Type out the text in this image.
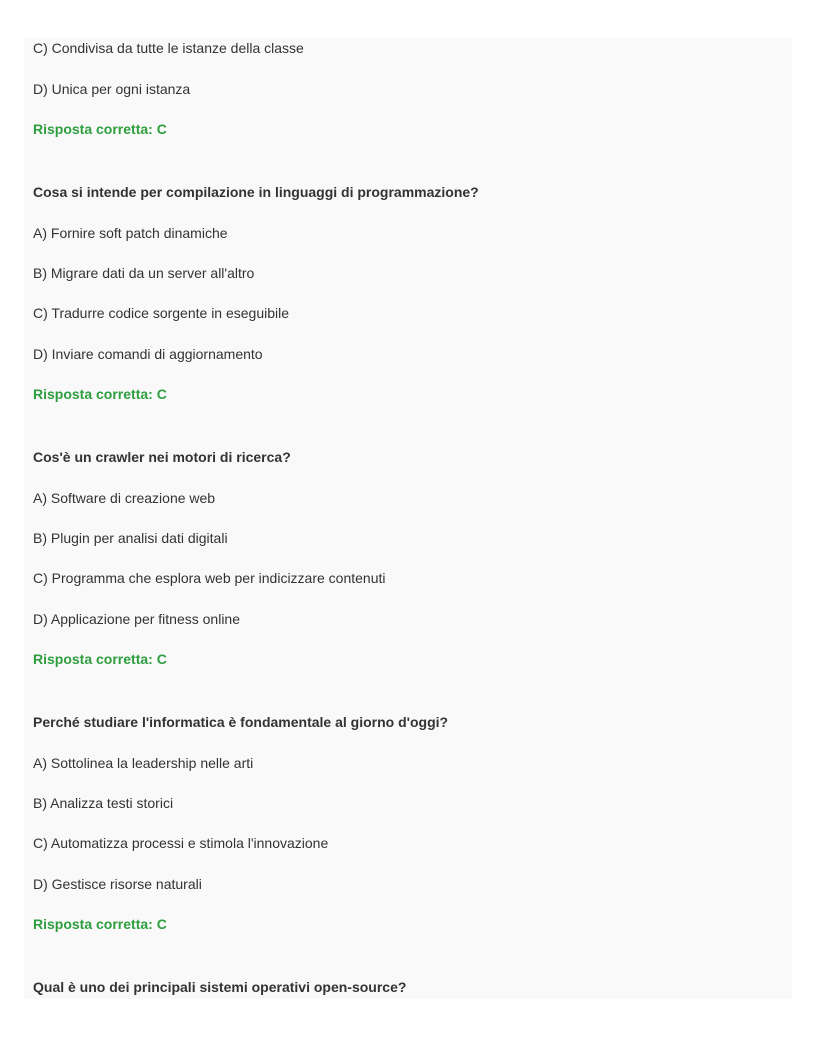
C) Condivisa da tutte le istanze della classe
D) Unica per ogni istanza
Risposta corretta: C
Cosa si intende per compilazione in linguaggi di programmazione?
A) Fornire soft patch dinamiche
B) Migrare dati da un server all'altro
C) Tradurre codice sorgente in eseguibile
D) Inviare comandi di aggiornamento
Risposta corretta: C
Cos'è un crawler nei motori di ricerca?
A) Software di creazione web
B) Plugin per analisi dati digitali
C) Programma che esplora web per indicizzare contenuti
D) Applicazione per fitness online
Risposta corretta: C
Perché studiare l'informatica è fondamentale al giorno d'oggi?
A) Sottolinea la leadership nelle arti
B) Analizza testi storici
C) Automatizza processi e stimola l'innovazione
D) Gestisce risorse naturali
Risposta corretta: C
Qual è uno dei principali sistemi operativi open-source?
